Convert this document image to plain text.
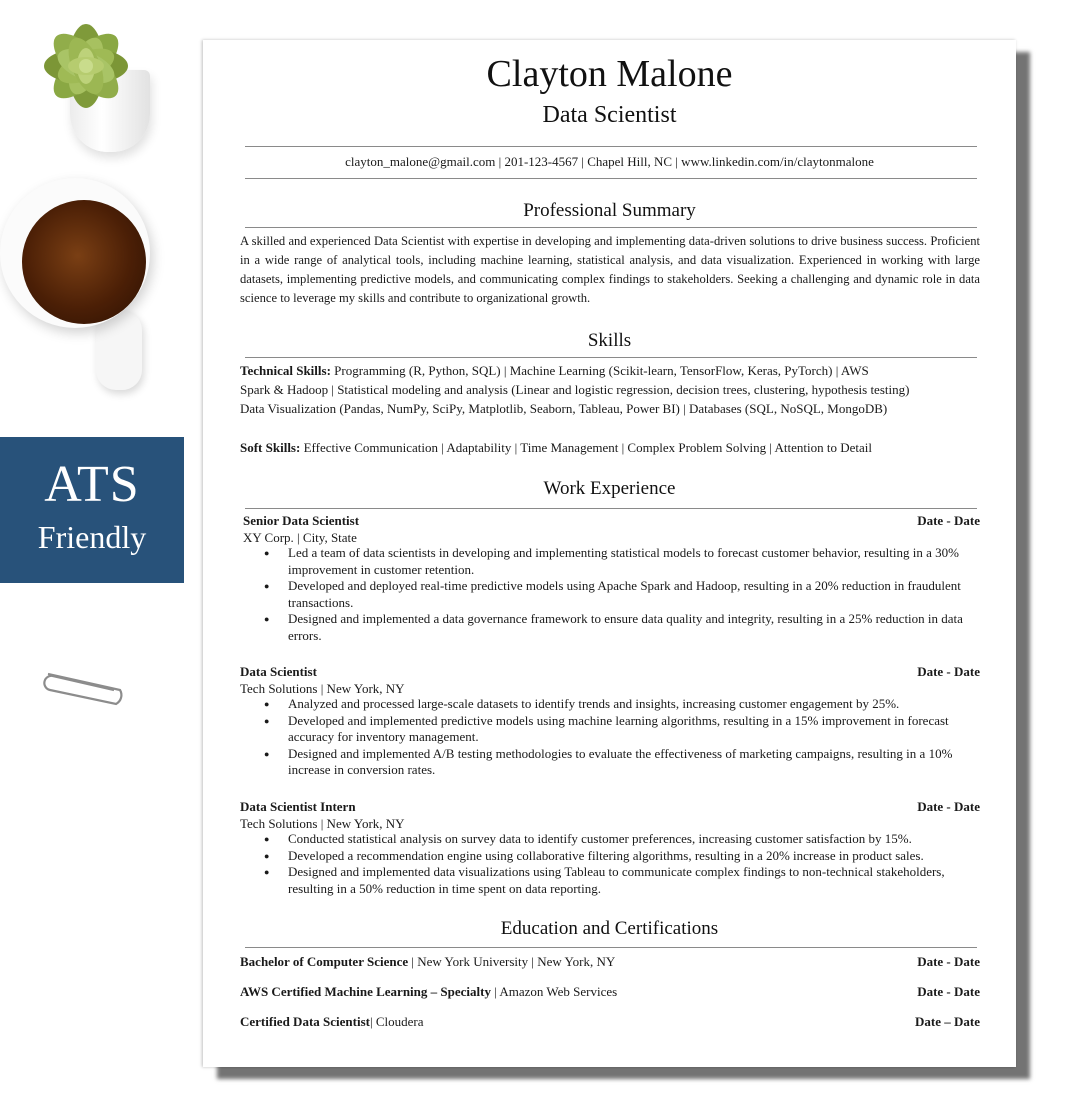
ATS
Friendly
Clayton Malone
Data Scientist
clayton_malone@gmail.com | 201-123-4567 | Chapel Hill, NC | www.linkedin.com/in/claytonmalone
Professional Summary
A skilled and experienced Data Scientist with expertise in developing and implementing data-driven solutions to drive business success. Proficient in a wide range of analytical tools, including machine learning, statistical analysis, and data visualization. Experienced in working with large datasets, implementing predictive models, and communicating complex findings to stakeholders. Seeking a challenging and dynamic role in data science to leverage my skills and contribute to organizational growth.
Skills
Technical Skills: Programming (R, Python, SQL) | Machine Learning (Scikit-learn, TensorFlow, Keras, PyTorch) | AWS
Spark & Hadoop | Statistical modeling and analysis (Linear and logistic regression, decision trees, clustering, hypothesis testing)
Data Visualization (Pandas, NumPy, SciPy, Matplotlib, Seaborn, Tableau, Power BI) | Databases (SQL, NoSQL, MongoDB)
Soft Skills: Effective Communication | Adaptability | Time Management | Complex Problem Solving | Attention to Detail
Work Experience
Senior Data Scientist	Date - Date
XY Corp. | City, State
● Led a team of data scientists in developing and implementing statistical models to forecast customer behavior, resulting in a 30% improvement in customer retention.
● Developed and deployed real-time predictive models using Apache Spark and Hadoop, resulting in a 20% reduction in fraudulent transactions.
● Designed and implemented a data governance framework to ensure data quality and integrity, resulting in a 25% reduction in data errors.
Data Scientist	Date - Date
Tech Solutions | New York, NY
● Analyzed and processed large-scale datasets to identify trends and insights, increasing customer engagement by 25%.
● Developed and implemented predictive models using machine learning algorithms, resulting in a 15% improvement in forecast accuracy for inventory management.
● Designed and implemented A/B testing methodologies to evaluate the effectiveness of marketing campaigns, resulting in a 10% increase in conversion rates.
Data Scientist Intern	Date - Date
Tech Solutions | New York, NY
● Conducted statistical analysis on survey data to identify customer preferences, increasing customer satisfaction by 15%.
● Developed a recommendation engine using collaborative filtering algorithms, resulting in a 20% increase in product sales.
● Designed and implemented data visualizations using Tableau to communicate complex findings to non-technical stakeholders, resulting in a 50% reduction in time spent on data reporting.
Education and Certifications
Bachelor of Computer Science | New York University | New York, NY	Date - Date
AWS Certified Machine Learning – Specialty | Amazon Web Services	Date - Date
Certified Data Scientist| Cloudera	Date – Date
